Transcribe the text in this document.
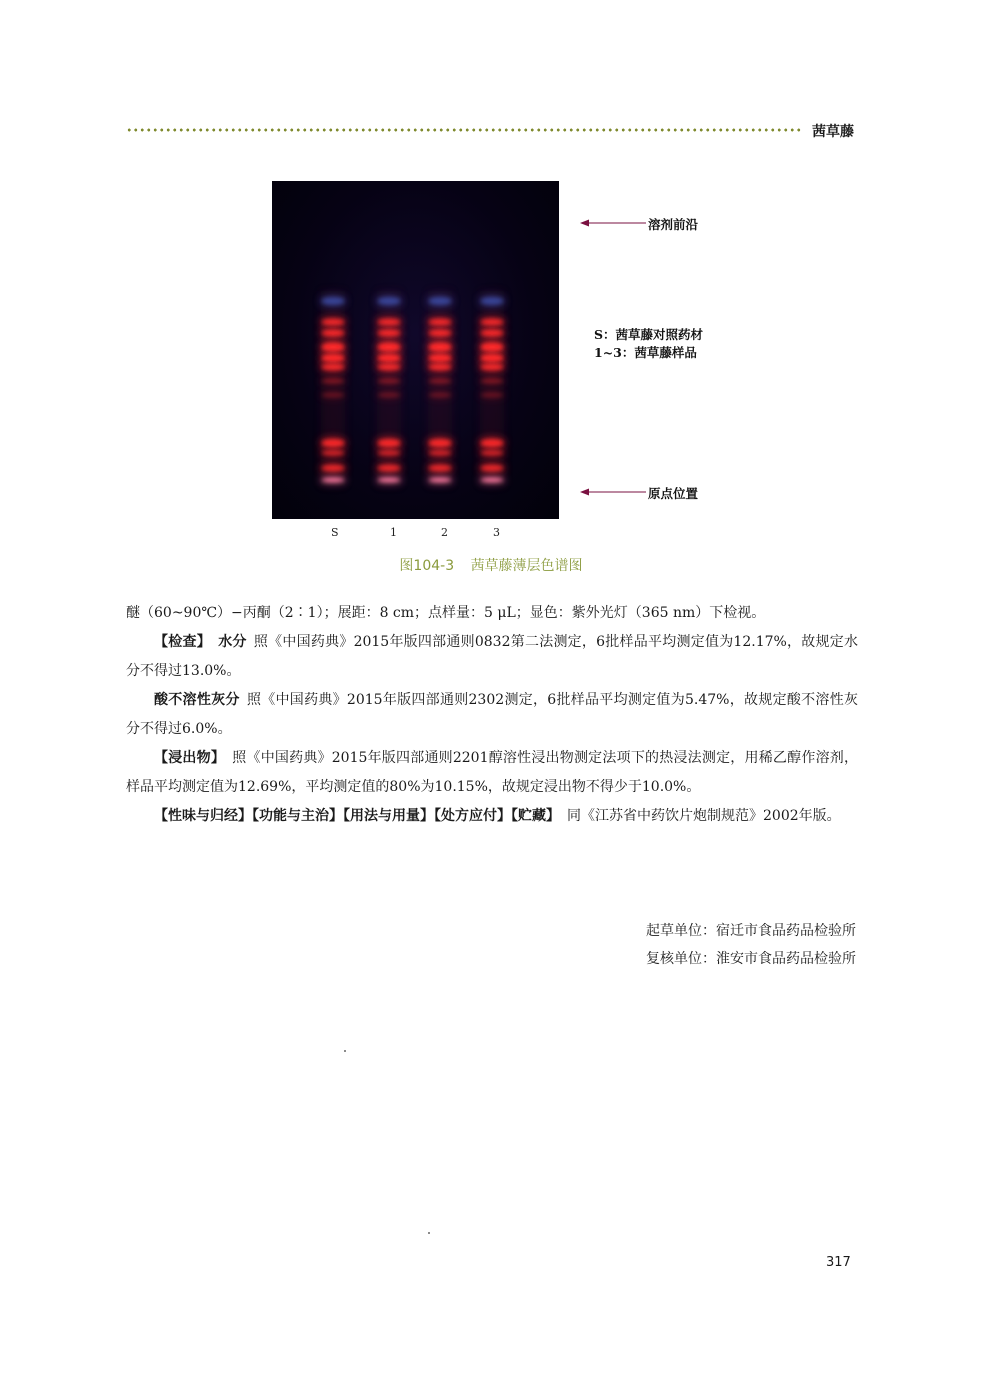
茜草藤
溶剂前沿
S：茜草藤对照药材
1~3：茜草藤样品
原点位置
S	1	2	3
图104-3 茜草藤薄层色谱图

醚（60~90℃）−丙酮（2∶1）；展距：8 cm；点样量：5 μL；显色：紫外光灯（365 nm）下检视。

【检查】  水分  照《中国药典》2015年版四部通则0832第二法测定，6批样品平均测定值为12.17%，故规定水分不得过13.0%。

酸不溶性灰分  照《中国药典》2015年版四部通则2302测定，6批样品平均测定值为5.47%，故规定酸不溶性灰分不得过6.0%。

【浸出物】  照《中国药典》2015年版四部通则2201醇溶性浸出物测定法项下的热浸法测定，用稀乙醇作溶剂，样品平均测定值为12.69%，平均测定值的80%为10.15%，故规定浸出物不得少于10.0%。

【性味与归经】【功能与主治】【用法与用量】【处方应付】【贮藏】  同《江苏省中药饮片炮制规范》2002年版。

起草单位：宿迁市食品药品检验所
复核单位：淮安市食品药品检验所
317
